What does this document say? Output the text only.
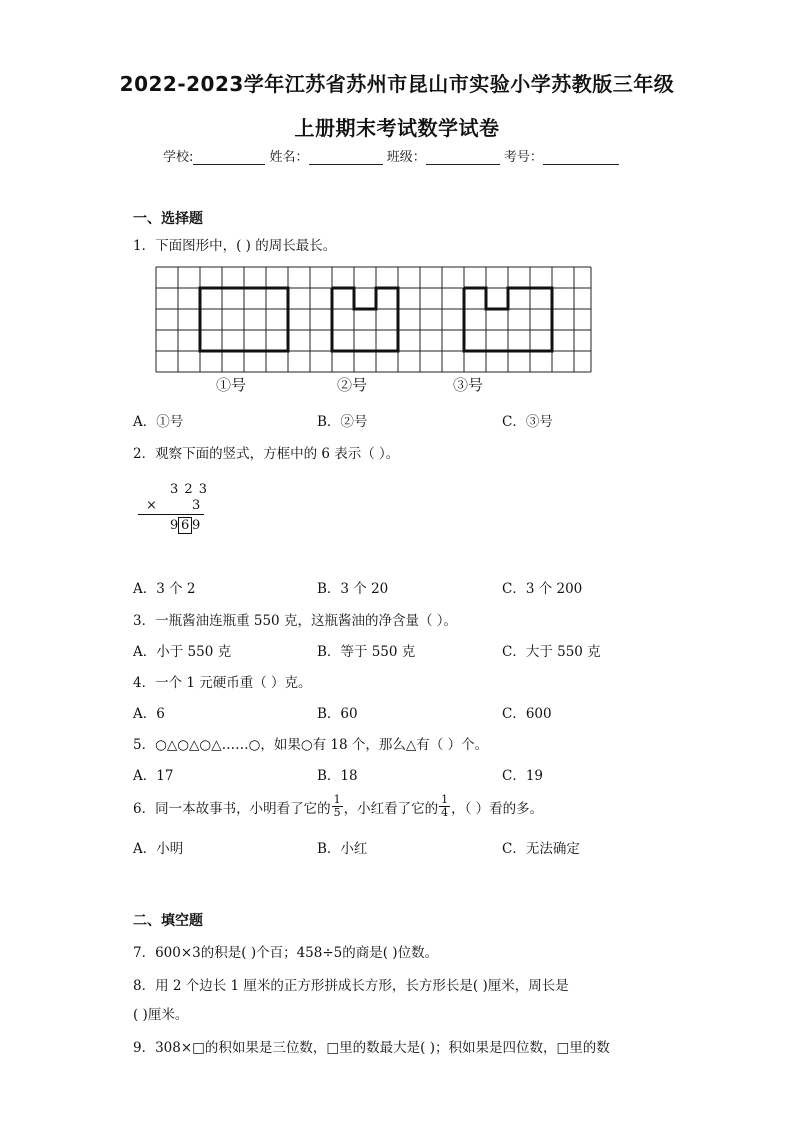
2022-2023学年江苏省苏州市昆山市实验小学苏教版三年级
上册期末考试数学试卷
学校:	姓名：	班级：	考号：
一、选择题
1．下面图形中，( ) 的周长最长。
①号	②号	③号
A．①号	B．②号	C．③号
2．观察下面的竖式，方框中的 6 表示（ ）。
3 2 3
×	3
9 6 9
A．3 个 2	B．3 个 20	C．3 个 200
3．一瓶酱油连瓶重 550 克，这瓶酱油的净含量（ ）。
A．小于 550 克	B．等于 550 克	C．大于 550 克
4．一个 1 元硬币重（ ）克。
A．6	B．60	C．600
5．○△○△○△……○，如果○有 18 个，那么△有（ ）个。
A．17	B．18	C．19
6．同一本故事书，小明看了它的 $\frac{1}{5}$ ，小红看了它的 $\frac{1}{4}$ ，（ ）看的多。
A．小明	B．小红	C．无法确定
二、填空题
7．600×3的积是( )个百；458÷5的商是( )位数。
8．用 2 个边长 1 厘米的正方形拼成长方形，长方形长是( )厘米，周长是
( )厘米。
9．308×□的积如果是三位数，□里的数最大是( )；积如果是四位数，□里的数
